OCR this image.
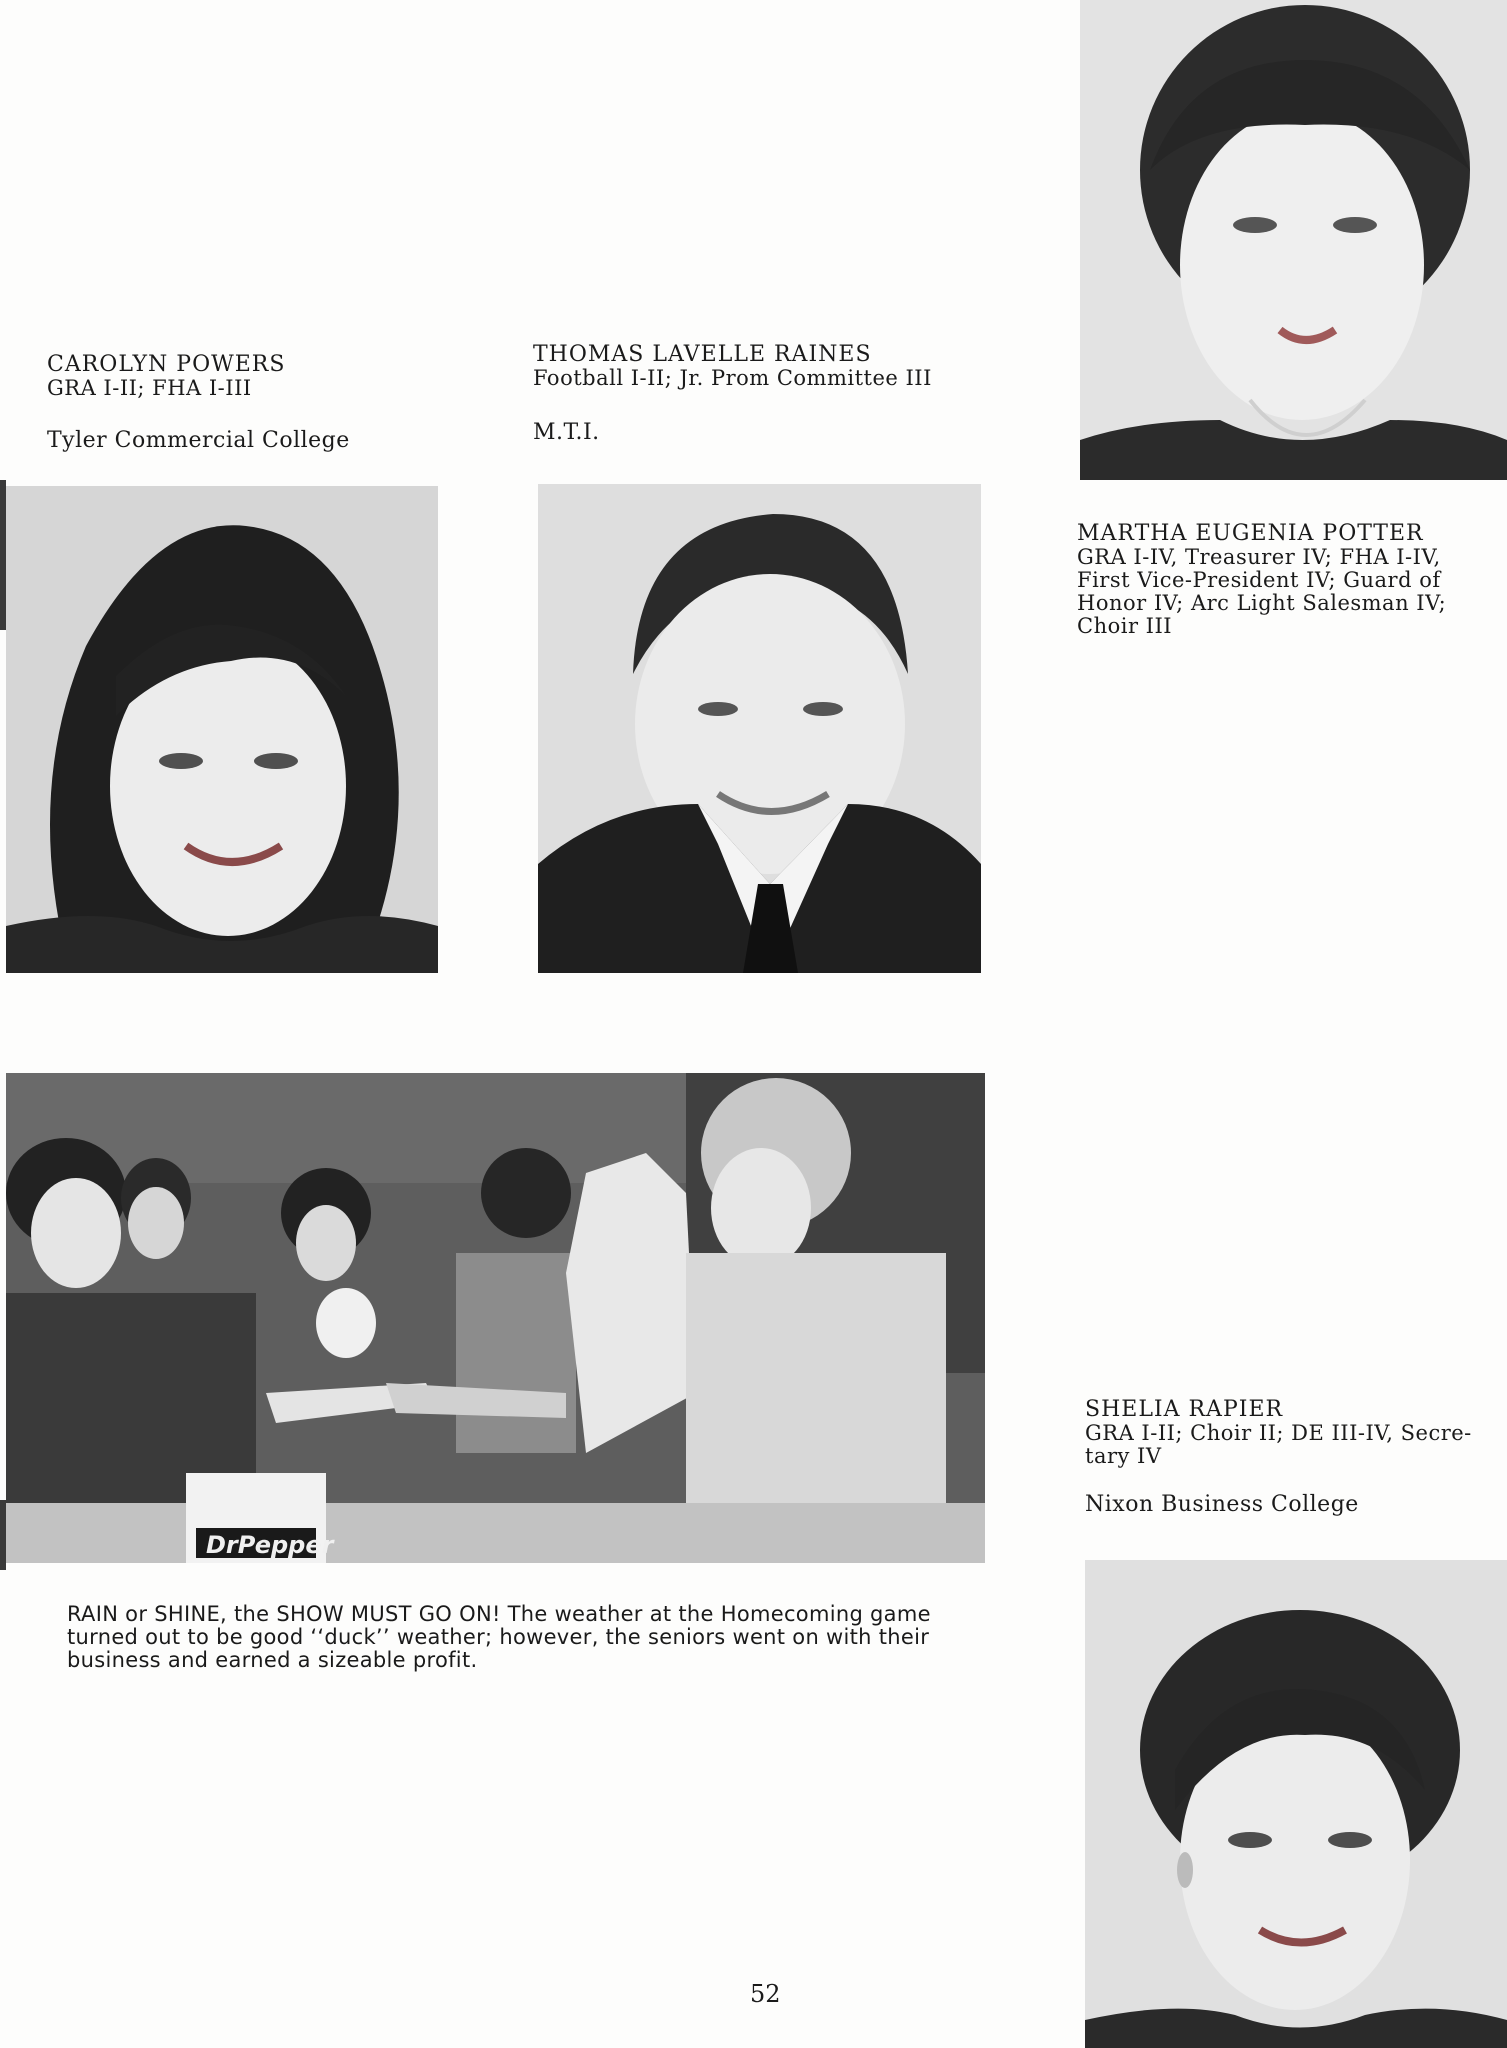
CAROLYN POWERS
GRA I-II; FHA I-III
Tyler Commercial College
THOMAS LAVELLE RAINES
Football I-II; Jr. Prom Committee III
M.T.I.
MARTHA EUGENIA POTTER
GRA I-IV, Treasurer IV; FHA I-IV,
First Vice-President IV; Guard of
Honor IV; Arc Light Salesman IV;
Choir III
DrPepper
SHELIA RAPIER
GRA I-II; Choir II; DE III-IV, Secre-
tary IV
Nixon Business College
RAIN or SHINE, the SHOW MUST GO ON! The weather at the Homecoming game
turned out to be good ‘‘duck’’ weather; however, the seniors went on with their
business and earned a sizeable profit.
52
